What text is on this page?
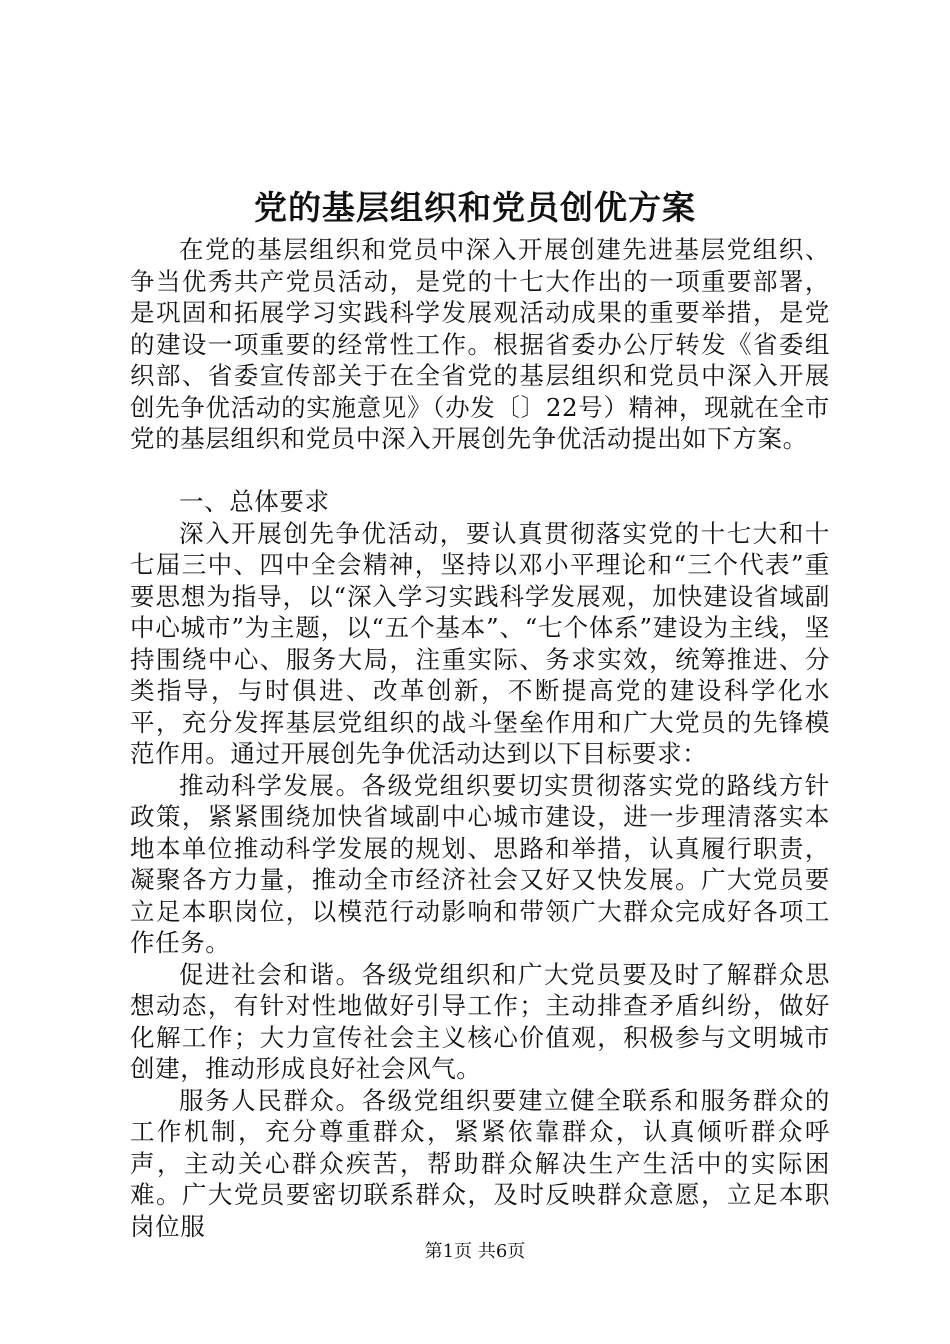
党的基层组织和党员创优方案

在党的基层组织和党员中深入开展创建先进基层党组织、争当优秀共产党员活动，是党的十七大作出的一项重要部署，是巩固和拓展学习实践科学发展观活动成果的重要举措，是党的建设一项重要的经常性工作。根据省委办公厅转发《省委组织部、省委宣传部关于在全省党的基层组织和党员中深入开展创先争优活动的实施意见》（办发〔〕22号）精神，现就在全市党的基层组织和党员中深入开展创先争优活动提出如下方案。

一、总体要求

深入开展创先争优活动，要认真贯彻落实党的十七大和十七届三中、四中全会精神，坚持以邓小平理论和“三个代表”重要思想为指导，以“深入学习实践科学发展观，加快建设省域副中心城市”为主题，以“五个基本”、“七个体系”建设为主线，坚持围绕中心、服务大局，注重实际、务求实效，统筹推进、分类指导，与时俱进、改革创新，不断提高党的建设科学化水平，充分发挥基层党组织的战斗堡垒作用和广大党员的先锋模范作用。通过开展创先争优活动达到以下目标要求：

推动科学发展。各级党组织要切实贯彻落实党的路线方针政策，紧紧围绕加快省域副中心城市建设，进一步理清落实本地本单位推动科学发展的规划、思路和举措，认真履行职责，凝聚各方力量，推动全市经济社会又好又快发展。广大党员要立足本职岗位，以模范行动影响和带领广大群众完成好各项工作任务。

促进社会和谐。各级党组织和广大党员要及时了解群众思想动态，有针对性地做好引导工作；主动排查矛盾纠纷，做好化解工作；大力宣传社会主义核心价值观，积极参与文明城市创建，推动形成良好社会风气。

服务人民群众。各级党组织要建立健全联系和服务群众的工作机制，充分尊重群众，紧紧依靠群众，认真倾听群众呼声，主动关心群众疾苦，帮助群众解决生产生活中的实际困难。广大党员要密切联系群众，及时反映群众意愿，立足本职岗位服

第1页 共6页
